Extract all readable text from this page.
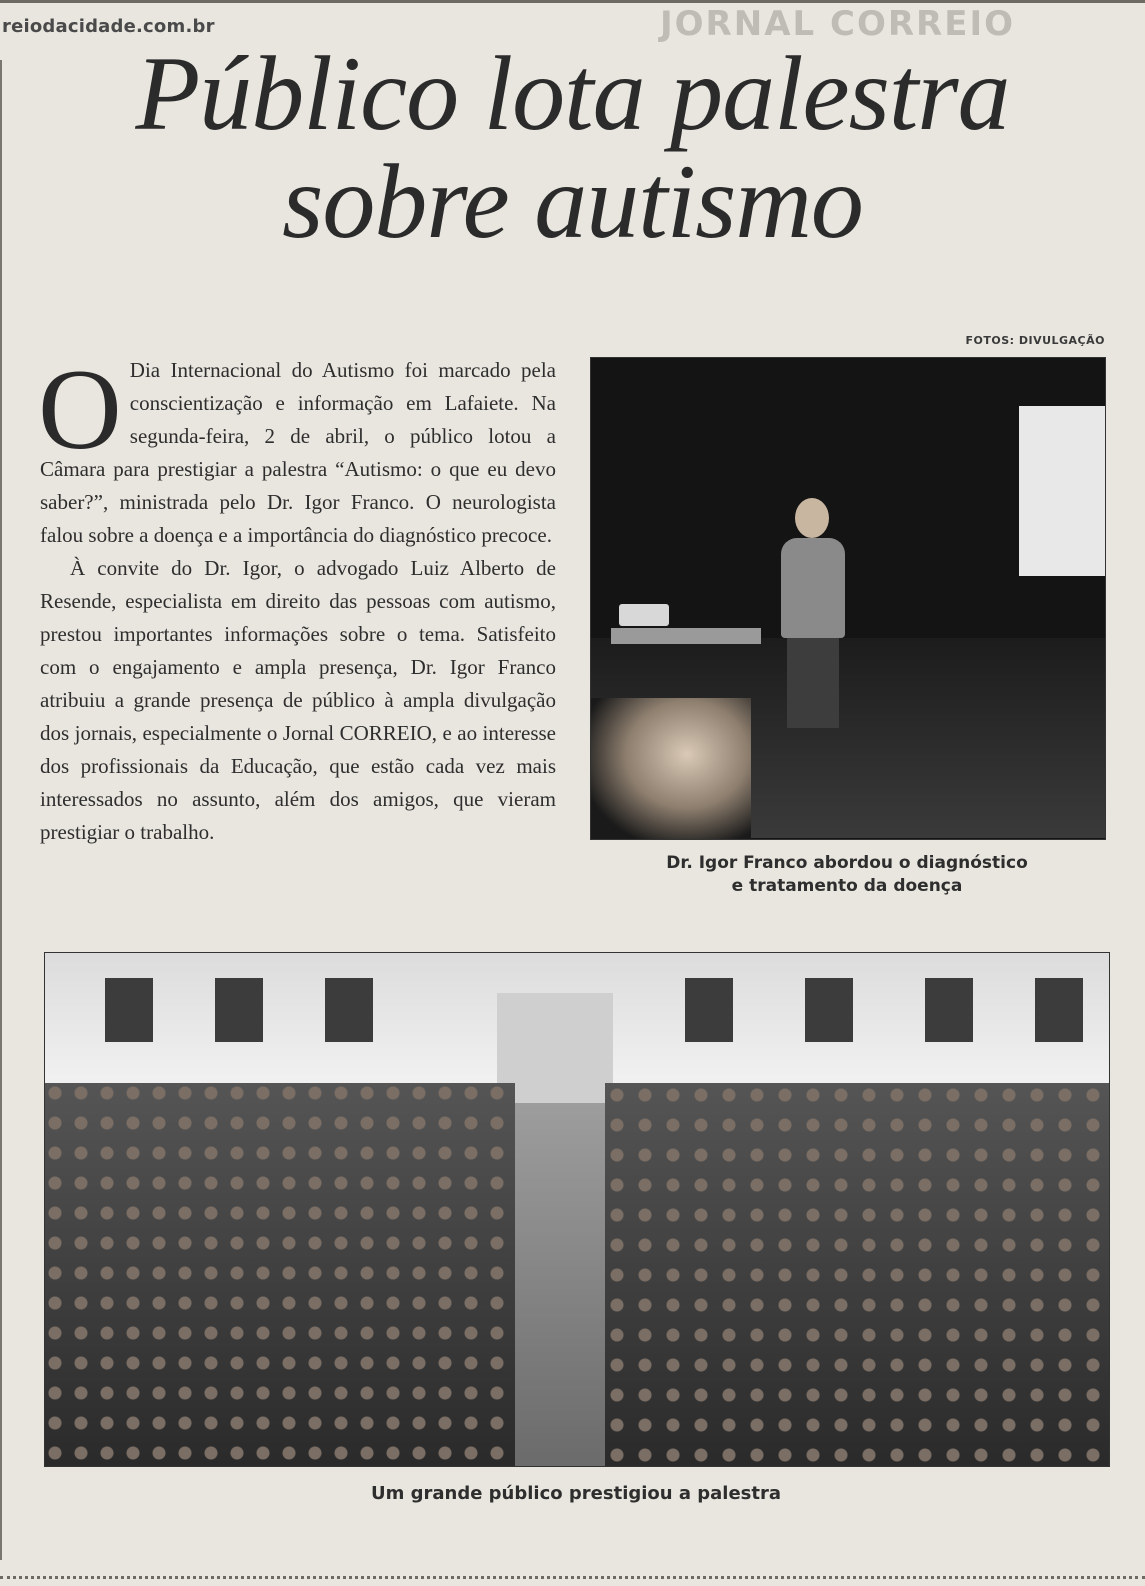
reiodacidade.com.br	JORNAL CORREIO
Público lota palestra
sobre autismo
FOTOS: DIVULGAÇÃO

O Dia Internacional do Autismo foi marcado pela conscientização e informação em Lafaiete. Na segunda-feira, 2 de abril, o público lotou a Câmara para prestigiar a palestra “Autismo: o que eu devo saber?”, ministrada pelo Dr. Igor Franco. O neurologista falou sobre a doença e a importância do diagnóstico precoce.

À convite do Dr. Igor, o advogado Luiz Alberto de Resende, especialista em direito das pessoas com autismo, prestou importantes informações sobre o tema. Satisfeito com o engajamento e ampla presença, Dr. Igor Franco atribuiu a grande presença de público à ampla divulgação dos jornais, especialmente o Jornal CORREIO, e ao interesse dos profissionais da Educação, que estão cada vez mais interessados no assunto, além dos amigos, que vieram prestigiar o trabalho.

Dr. Igor Franco abordou o diagnóstico
e tratamento da doença
Um grande público prestigiou a palestra
